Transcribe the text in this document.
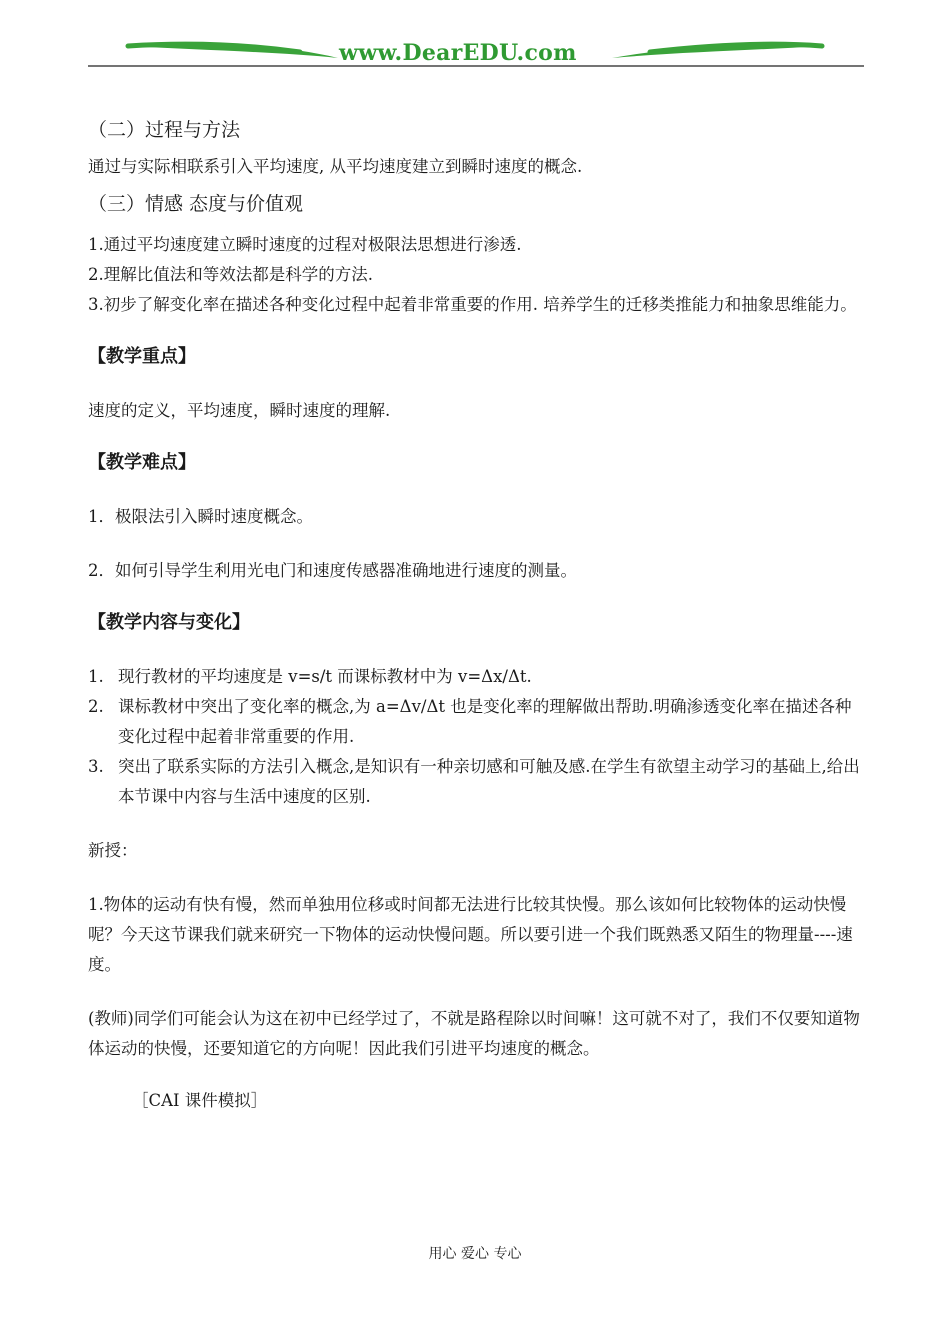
www.DearEDU.com

（二）过程与方法

通过与实际相联系引入平均速度, 从平均速度建立到瞬时速度的概念.

（三）情感 态度与价值观

1.通过平均速度建立瞬时速度的过程对极限法思想进行渗透.

2.理解比值法和等效法都是科学的方法.

3.初步了解变化率在描述各种变化过程中起着非常重要的作用. 培养学生的迁移类推能力和抽象思维能力。

【教学重点】

速度的定义，平均速度，瞬时速度的理解.

【教学难点】

1．极限法引入瞬时速度概念。

2．如何引导学生利用光电门和速度传感器准确地进行速度的测量。

【教学内容与变化】

1. 现行教材的平均速度是 v=s/t 而课标教材中为 v=Δx/Δt.
2. 课标教材中突出了变化率的概念,为 a=Δv/Δt 也是变化率的理解做出帮助.明确渗透变化率在描述各种变化过程中起着非常重要的作用.
3. 突出了联系实际的方法引入概念,是知识有一种亲切感和可触及感.在学生有欲望主动学习的基础上,给出本节课中内容与生活中速度的区别.

新授：

1.物体的运动有快有慢，然而单独用位移或时间都无法进行比较其快慢。那么该如何比较物体的运动快慢呢？今天这节课我们就来研究一下物体的运动快慢问题。所以要引进一个我们既熟悉又陌生的物理量----速度。

(教师)同学们可能会认为这在初中已经学过了，不就是路程除以时间嘛！这可就不对了，我们不仅要知道物体运动的快慢，还要知道它的方向呢！因此我们引进平均速度的概念。

［CAI 课件模拟］

用心 爱心 专心
